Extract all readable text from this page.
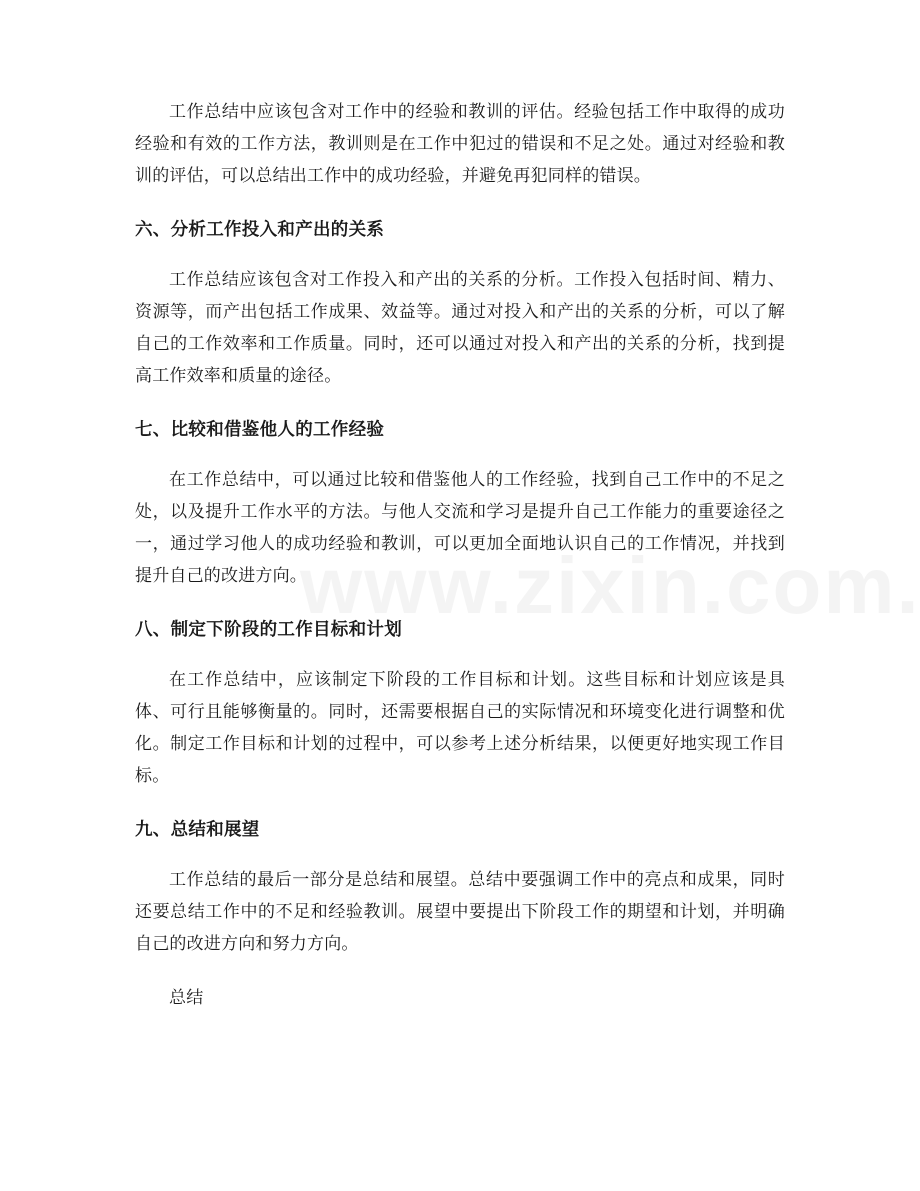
工作总结中应该包含对工作中的经验和教训的评估。经验包括工作中取得的成功经验和有效的工作方法，教训则是在工作中犯过的错误和不足之处。通过对经验和教训的评估，可以总结出工作中的成功经验，并避免再犯同样的错误。

六、分析工作投入和产出的关系

工作总结应该包含对工作投入和产出的关系的分析。工作投入包括时间、精力、资源等，而产出包括工作成果、效益等。通过对投入和产出的关系的分析，可以了解自己的工作效率和工作质量。同时，还可以通过对投入和产出的关系的分析，找到提高工作效率和质量的途径。

七、比较和借鉴他人的工作经验

在工作总结中，可以通过比较和借鉴他人的工作经验，找到自己工作中的不足之处，以及提升工作水平的方法。与他人交流和学习是提升自己工作能力的重要途径之一，通过学习他人的成功经验和教训，可以更加全面地认识自己的工作情况，并找到提升自己的改进方向。

八、制定下阶段的工作目标和计划

在工作总结中，应该制定下阶段的工作目标和计划。这些目标和计划应该是具体、可行且能够衡量的。同时，还需要根据自己的实际情况和环境变化进行调整和优化。制定工作目标和计划的过程中，可以参考上述分析结果，以便更好地实现工作目标。

九、总结和展望

工作总结的最后一部分是总结和展望。总结中要强调工作中的亮点和成果，同时还要总结工作中的不足和经验教训。展望中要提出下阶段工作的期望和计划，并明确自己的改进方向和努力方向。

总结
